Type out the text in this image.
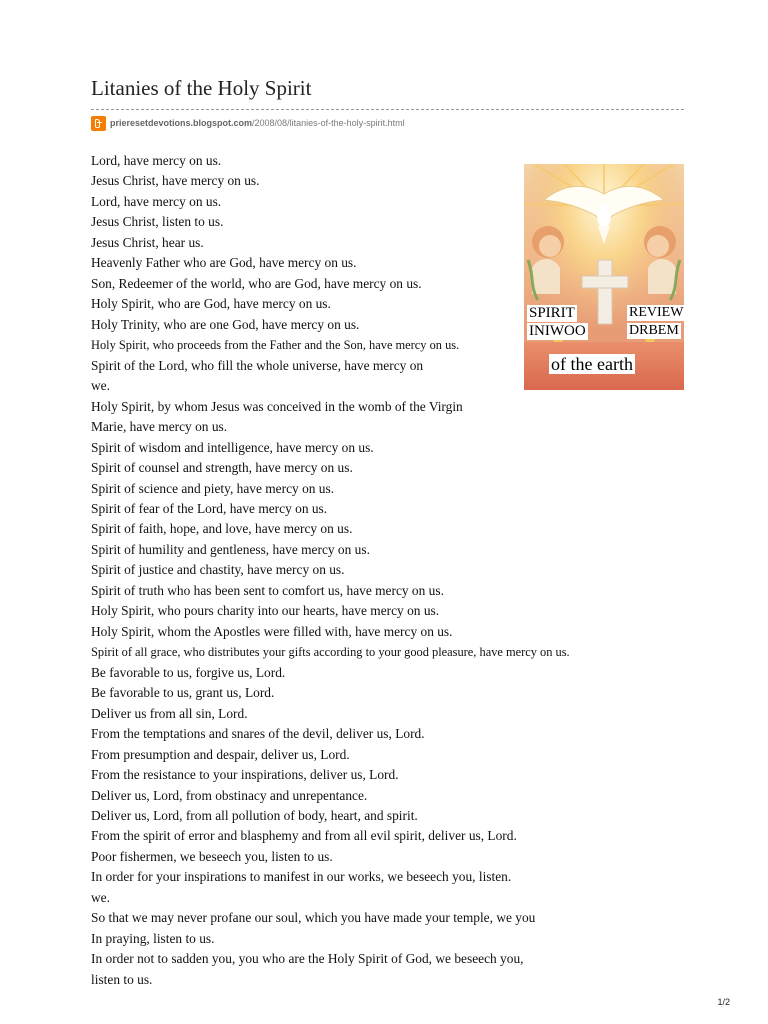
Litanies of the Holy Spirit
prieresetdevotions.blogspot.com /2008/08/litanies-of-the-holy-spirit.html
Lord, have mercy on us.
Jesus Christ, have mercy on us.
Lord, have mercy on us.
Jesus Christ, listen to us.
Jesus Christ, hear us.
Heavenly Father who are God, have mercy on us.
Son, Redeemer of the world, who are God, have mercy on us.
Holy Spirit, who are God, have mercy on us.
Holy Trinity, who are one God, have mercy on us.
Holy Spirit, who proceeds from the Father and the Son, have mercy on us.
Spirit of the Lord, who fill the whole universe, have mercy on
we.
Holy Spirit, by whom Jesus was conceived in the womb of the Virgin
Marie, have mercy on us.
Spirit of wisdom and intelligence, have mercy on us.
Spirit of counsel and strength, have mercy on us.
Spirit of science and piety, have mercy on us.
Spirit of fear of the Lord, have mercy on us.
Spirit of faith, hope, and love, have mercy on us.
Spirit of humility and gentleness, have mercy on us.
Spirit of justice and chastity, have mercy on us.
Spirit of truth who has been sent to comfort us, have mercy on us.
Holy Spirit, who pours charity into our hearts, have mercy on us.
Holy Spirit, whom the Apostles were filled with, have mercy on us.
Spirit of all grace, who distributes your gifts according to your good pleasure, have mercy on us.
Be favorable to us, forgive us, Lord.
Be favorable to us, grant us, Lord.
Deliver us from all sin, Lord.
From the temptations and snares of the devil, deliver us, Lord.
From presumption and despair, deliver us, Lord.
From the resistance to your inspirations, deliver us, Lord.
Deliver us, Lord, from obstinacy and unrepentance.
Deliver us, Lord, from all pollution of body, heart, and spirit.
From the spirit of error and blasphemy and from all evil spirit, deliver us, Lord.
Poor fishermen, we beseech you, listen to us.
In order for your inspirations to manifest in our works, we beseech you, listen.
we.
So that we may never profane our soul, which you have made your temple, we you
In praying, listen to us.
In order not to sadden you, you who are the Holy Spirit of God, we beseech you,
listen to us.
SPIRIT	REVIEW
INIWOO	DRBEM
of the earth
1/2
